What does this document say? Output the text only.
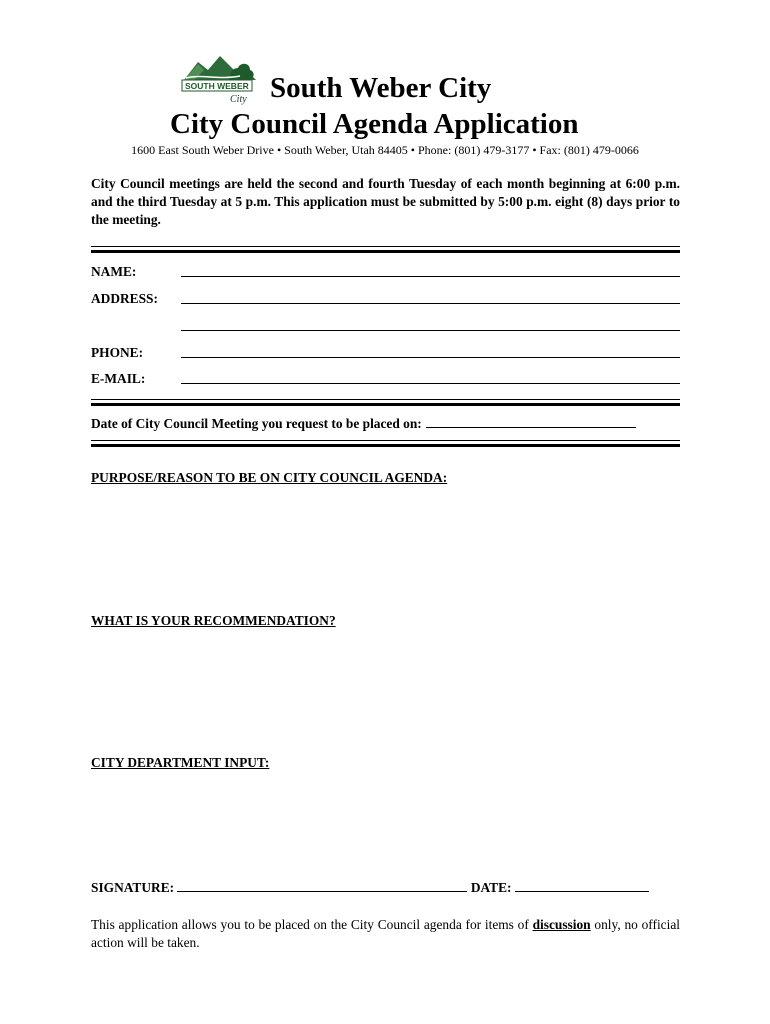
SOUTH WEBER
City South Weber City
City Council Agenda Application
1600 East South Weber Drive • South Weber, Utah 84405 • Phone: (801) 479-3177 • Fax: (801) 479-0066
City Council meetings are held the second and fourth Tuesday of each month beginning at 6:00 p.m. and the third Tuesday at 5 p.m. This application must be submitted by 5:00 p.m. eight (8) days prior to the meeting.
NAME:
ADDRESS:
PHONE:
E-MAIL:
Date of City Council Meeting you request to be placed on:
PURPOSE/REASON TO BE ON CITY COUNCIL AGENDA:
WHAT IS YOUR RECOMMENDATION?
CITY DEPARTMENT INPUT:
SIGNATURE:	DATE:
This application allows you to be placed on the City Council agenda for items of discussion only, no official action will be taken.
